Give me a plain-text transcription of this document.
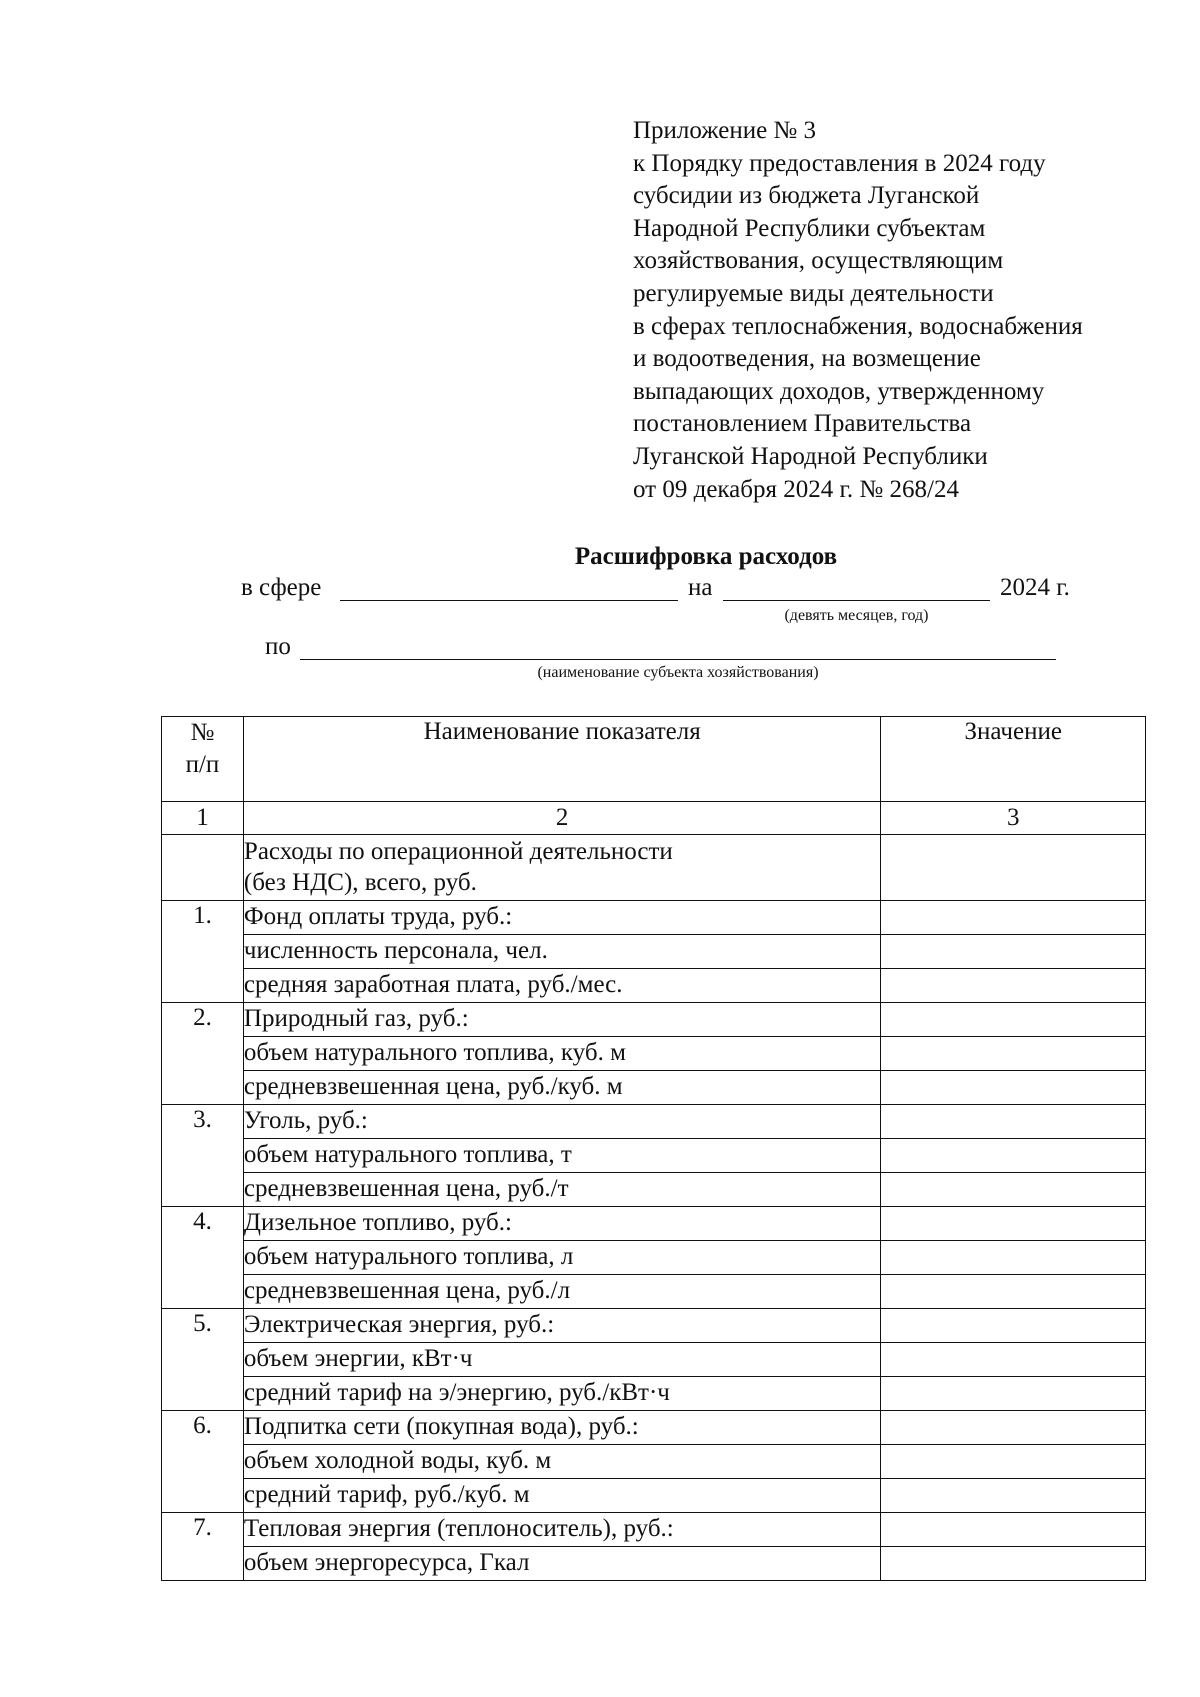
Приложение № 3
к Порядку предоставления в 2024 году
субсидии из бюджета Луганской
Народной Республики субъектам
хозяйствования, осуществляющим
регулируемые виды деятельности
в сферах теплоснабжения, водоснабжения
и водоотведения, на возмещение
выпадающих доходов, утвержденному
постановлением Правительства
Луганской Народной Республики
от 09 декабря 2024 г. № 268/24
Расшифровка расходов
в сфере	на	2024 г.
(девять месяцев, год)
по
(наименование субъекта хозяйствования)
№ п/п	Наименование показателя	Значение
1	2	3

	Расходы по операционной деятельности
(без НДС), всего, руб.	

1.	Фонд оплаты труда, руб.:	
	численность персонала, чел.	
	средняя заработная плата, руб./мес.	
2.	Природный газ, руб.:	
	объем натурального топлива, куб. м	
	средневзвешенная цена, руб./куб. м	
3.	Уголь, руб.:	
	объем натурального топлива, т	
	средневзвешенная цена, руб./т	
4.	Дизельное топливо, руб.:	
	объем натурального топлива, л	
	средневзвешенная цена, руб./л	
5.	Электрическая энергия, руб.:	
	объем энергии, кВт·ч	
	средний тариф на э/энергию, руб./кВт·ч	
6.	Подпитка сети (покупная вода), руб.:	
	объем холодной воды, куб. м	
	средний тариф, руб./куб. м	
7.	Тепловая энергия (теплоноситель), руб.:	
	объем энергоресурса, Гкал	
